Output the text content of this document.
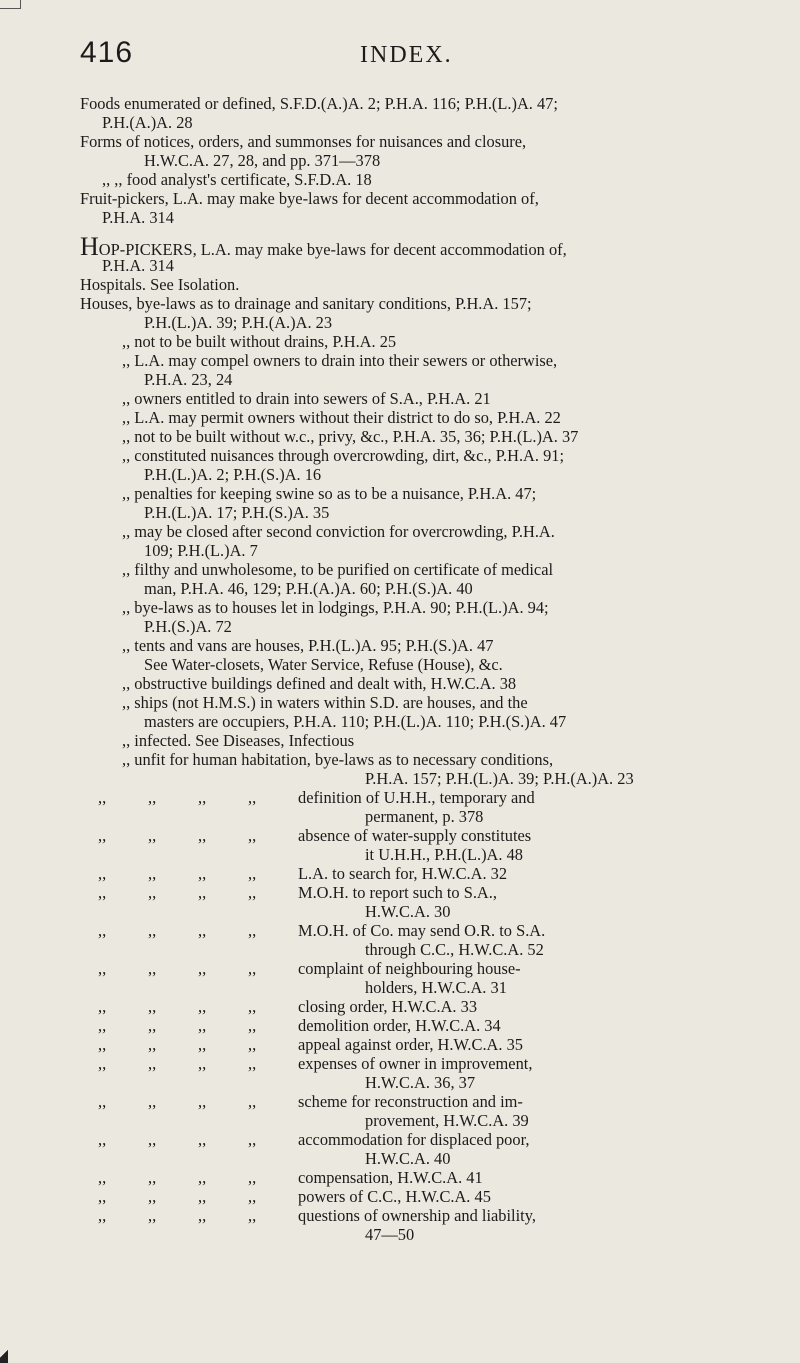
416	INDEX.
Foods enumerated or defined, S.F.D.(A.)A. 2; P.H.A. 116; P.H.(L.)A. 47;
P.H.(A.)A. 28
Forms of notices, orders, and summonses for nuisances and closure,
H.W.C.A. 27, 28, and pp. 371—378
,, ,, food analyst's certificate, S.F.D.A. 18
Fruit-pickers, L.A. may make bye-laws for decent accommodation of,
P.H.A. 314
HOP-PICKERS, L.A. may make bye-laws for decent accommodation of,
P.H.A. 314
Hospitals. See Isolation.
Houses, bye-laws as to drainage and sanitary conditions, P.H.A. 157;
P.H.(L.)A. 39; P.H.(A.)A. 23
,, not to be built without drains, P.H.A. 25
,, L.A. may compel owners to drain into their sewers or otherwise,
P.H.A. 23, 24
,, owners entitled to drain into sewers of S.A., P.H.A. 21
,, L.A. may permit owners without their district to do so, P.H.A. 22
,, not to be built without w.c., privy, &c., P.H.A. 35, 36; P.H.(L.)A. 37
,, constituted nuisances through overcrowding, dirt, &c., P.H.A. 91;
P.H.(L.)A. 2; P.H.(S.)A. 16
,, penalties for keeping swine so as to be a nuisance, P.H.A. 47;
P.H.(L.)A. 17; P.H.(S.)A. 35
,, may be closed after second conviction for overcrowding, P.H.A.
109; P.H.(L.)A. 7
,, filthy and unwholesome, to be purified on certificate of medical
man, P.H.A. 46, 129; P.H.(A.)A. 60; P.H.(S.)A. 40
,, bye-laws as to houses let in lodgings, P.H.A. 90; P.H.(L.)A. 94;
P.H.(S.)A. 72
,, tents and vans are houses, P.H.(L.)A. 95; P.H.(S.)A. 47
See Water-closets, Water Service, Refuse (House), &c.
,, obstructive buildings defined and dealt with, H.W.C.A. 38
,, ships (not H.M.S.) in waters within S.D. are houses, and the
masters are occupiers, P.H.A. 110; P.H.(L.)A. 110; P.H.(S.)A. 47
,, infected. See Diseases, Infectious
,, unfit for human habitation, bye-laws as to necessary conditions,
P.H.A. 157; P.H.(L.)A. 39; P.H.(A.)A. 23
,,	,,	,,	,,	definition of U.H.H., temporary and
permanent, p. 378
,,	,,	,,	,,	absence of water-supply constitutes
it U.H.H., P.H.(L.)A. 48
,,	,,	,,	,,	L.A. to search for, H.W.C.A. 32
,,	,,	,,	,,	M.O.H. to report such to S.A.,
H.W.C.A. 30
,,	,,	,,	,,	M.O.H. of Co. may send O.R. to S.A.
through C.C., H.W.C.A. 52
,,	,,	,,	,,	complaint of neighbouring house-
holders, H.W.C.A. 31
,,	,,	,,	,,	closing order, H.W.C.A. 33
,,	,,	,,	,,	demolition order, H.W.C.A. 34
,,	,,	,,	,,	appeal against order, H.W.C.A. 35
,,	,,	,,	,,	expenses of owner in improvement,
H.W.C.A. 36, 37
,,	,,	,,	,,	scheme for reconstruction and im-
provement, H.W.C.A. 39
,,	,,	,,	,,	accommodation for displaced poor,
H.W.C.A. 40
,,	,,	,,	,,	compensation, H.W.C.A. 41
,,	,,	,,	,,	powers of C.C., H.W.C.A. 45
,,	,,	,,	,,	questions of ownership and liability,
47—50
